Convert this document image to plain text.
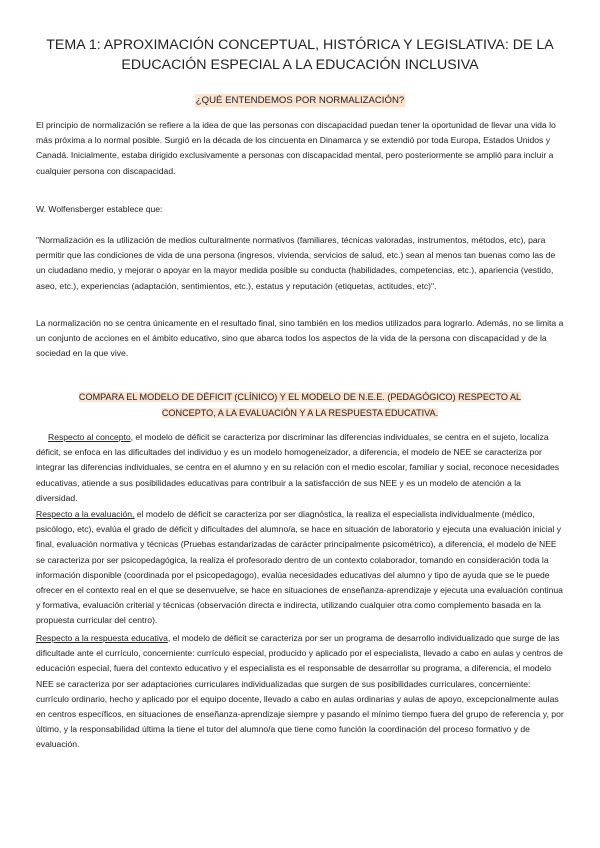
TEMA 1: APROXIMACIÓN CONCEPTUAL, HISTÓRICA Y LEGISLATIVA: DE LA EDUCACIÓN ESPECIAL A LA EDUCACIÓN INCLUSIVA
¿QUÉ ENTENDEMOS POR NORMALIZACIÓN?
El principio de normalización se refiere a la idea de que las personas con discapacidad puedan tener la oportunidad de llevar una vida lo más próxima a lo normal posible. Surgió en la década de los cincuenta en Dinamarca y se extendió por toda Europa, Estados Unidos y Canadá. Inicialmente, estaba dirigido exclusivamente a personas con discapacidad mental, pero posteriormente se amplió para incluir a cualquier persona con discapacidad.
W. Wolfensberger establece que:
"Normalización es la utilización de medios culturalmente normativos (familiares, técnicas valoradas, instrumentos, métodos, etc), para permitir que las condiciones de vida de una persona (ingresos, vivienda, servicios de salud, etc.) sean al menos tan buenas como las de un ciudadano medio, y mejorar o apoyar en la mayor medida posible su conducta (habilidades, competencias, etc.), apariencia (vestido, aseo, etc.), experiencias (adaptación, sentimientos, etc.), estatus y reputación (etiquetas, actitudes, etc)".
La normalización no se centra únicamente en el resultado final, sino también en los medios utilizados para lograrlo. Además, no se limita a un conjunto de acciones en el ámbito educativo, sino que abarca todos los aspectos de la vida de la persona con discapacidad y de la sociedad en la que vive.
COMPARA EL MODELO DE DÉFICIT (CLÍNICO) Y EL MODELO DE N.E.E. (PEDAGÓGICO) RESPECTO AL CONCEPTO, A LA EVALUACIÓN Y A LA RESPUESTA EDUCATIVA.
Respecto al concepto, el modelo de déficit se caracteriza por discriminar las diferencias individuales, se centra en el sujeto, localiza déficit, se enfoca en las dificultades del individuo y es un modelo homogeneizador, a diferencia, el modelo de NEE se caracteriza por integrar las diferencias individuales, se centra en el alumno y en su relación con el medio escolar, familiar y social, reconoce necesidades educativas, atiende a sus posibilidades educativas para contribuir a la satisfacción de sus NEE y es un modelo de atención a la diversidad.
Respecto a la evaluación, el modelo de déficit se caracteriza por ser diagnóstica, la realiza el especialista individualmente (médico, psicólogo, etc), evalúa el grado de déficit y dificultades del alumno/a, se hace en situación de laboratorio y ejecuta una evaluación inicial y final, evaluación normativa y técnicas (Pruebas estandarizadas de carácter principalmente psicométrico), a diferencia, el modelo de NEE se caracteriza por ser psicopedagógica, la realiza el profesorado dentro de un contexto colaborador, tomando en consideración toda la información disponible (coordinada por el psicopedagogo), evalúa necesidades educativas del alumno y tipo de ayuda que se le puede ofrecer en el contexto real en el que se desenvuelve, se hace en situaciones de enseñanza-aprendizaje y ejecuta una evaluación continua y formativa, evaluación criterial y técnicas (observación directa e indirecta, utilizando cualquier otra como complemento basada en la propuesta curricular del centro).
Respecto a la respuesta educativa, el modelo de déficit se caracteriza por ser un programa de desarrollo individualizado que surge de las dificultade ante el currículo, concerniente: currículo especial, producido y aplicado por el especialista, llevado a cabo en aulas y centros de educación especial, fuera del contexto educativo y el especialista es el responsable de desarrollar su programa, a diferencia, el modelo NEE se caracteriza por ser adaptaciones curriculares individualizadas que surgen de sus posibilidades curriculares, concerniente: currículo ordinario, hecho y aplicado por el equipo docente, llevado a cabo en aulas ordinarias y aulas de apoyo, excepcionalmente aulas en centros específicos, en situaciones de enseñanza-aprendizaje siempre y pasando el mínimo tiempo fuera del grupo de referencia y, por último, y la responsabilidad última la tiene el tutor del alumno/a que tiene como función la coordinación del proceso formativo y de evaluación.
